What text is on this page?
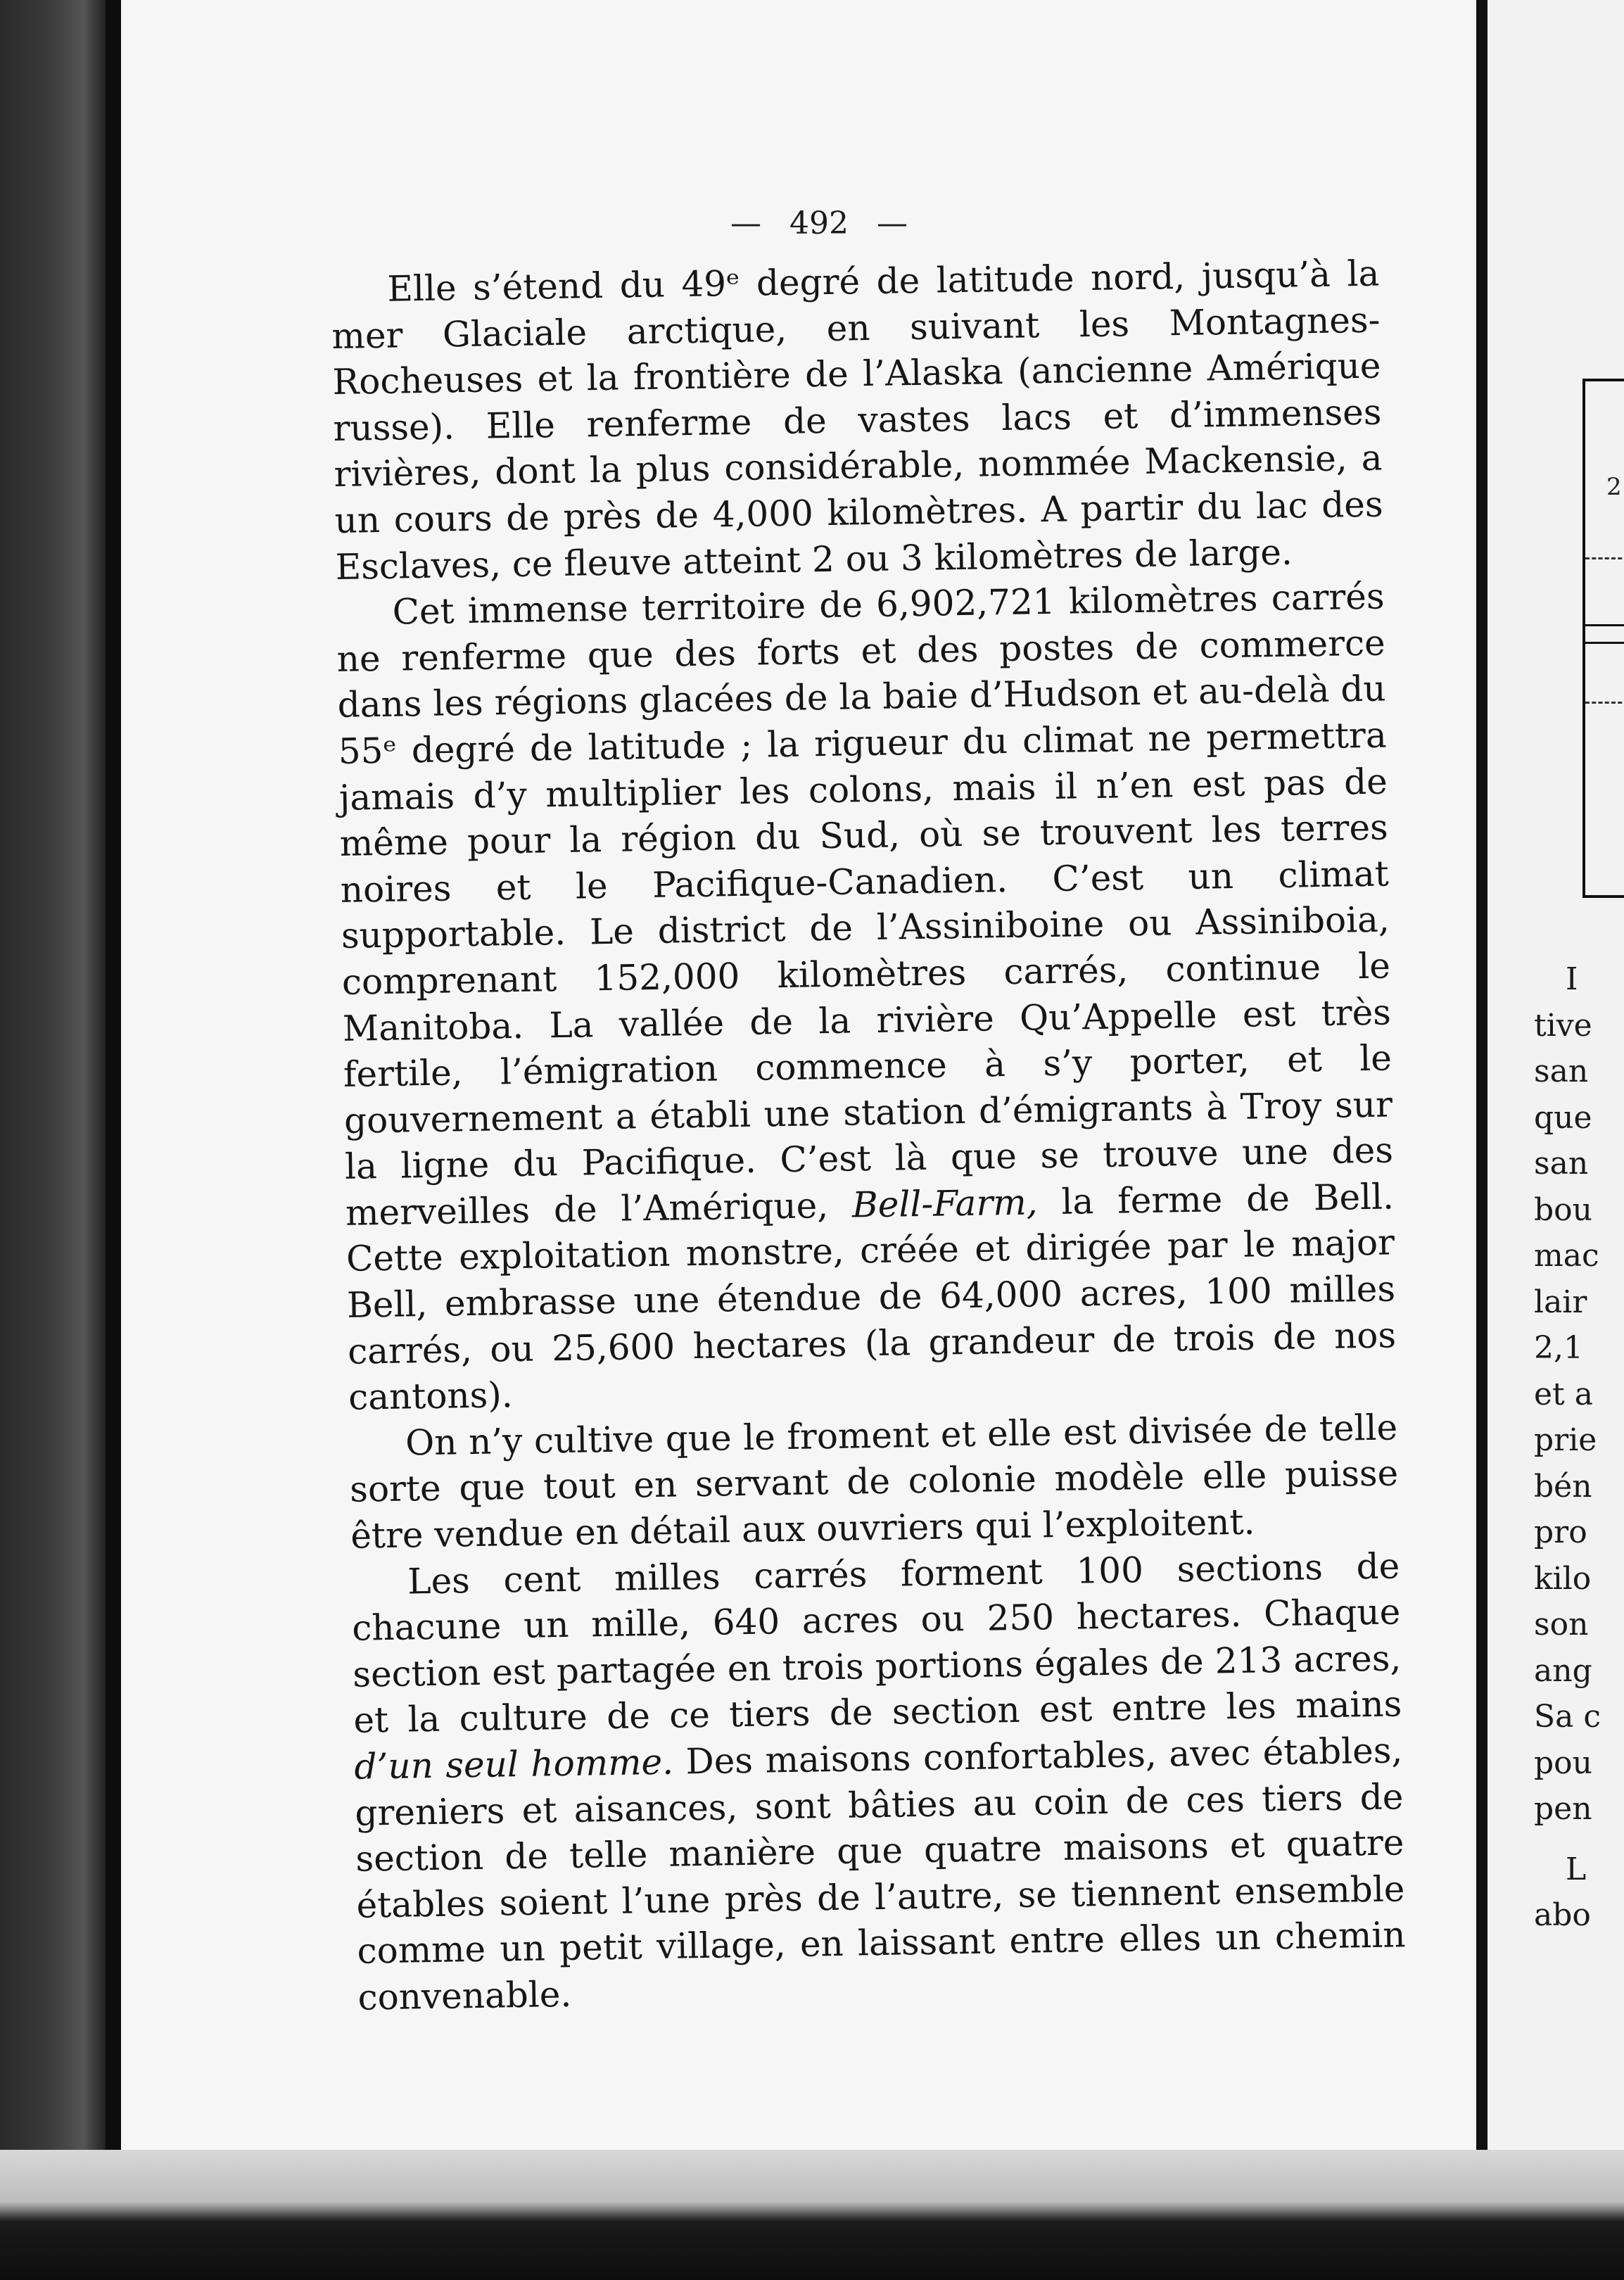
— 492 —

Elle s’étend du 49ᵉ degré de latitude nord, jusqu’à la mer Glaciale arctique, en suivant les Montagnes-Rocheuses et la frontière de l’Alaska (ancienne Amérique russe). Elle renferme de vastes lacs et d’immenses rivières, dont la plus considérable, nommée Mackensie, a un cours de près de 4,000 kilomètres. A partir du lac des Esclaves, ce fleuve atteint 2 ou 3 kilomètres de large.

Cet immense territoire de 6,902,721 kilomètres carrés ne renferme que des forts et des postes de commerce dans les régions glacées de la baie d’Hudson et au-delà du 55ᵉ degré de latitude ; la rigueur du climat ne permettra jamais d’y multiplier les colons, mais il n’en est pas de même pour la région du Sud, où se trouvent les terres noires et le Pacifique-Canadien. C’est un climat supportable. Le district de l’Assiniboine ou Assiniboia, comprenant 152,000 kilomètres carrés, continue le Manitoba. La vallée de la rivière Qu’Appelle est très fertile, l’émigration commence à s’y porter, et le gouvernement a établi une station d’émigrants à Troy sur la ligne du Pacifique. C’est là que se trouve une des merveilles de l’Amérique, Bell-Farm, la ferme de Bell. Cette exploitation monstre, créée et dirigée par le major Bell, embrasse une étendue de 64,000 acres, 100 milles carrés, ou 25,600 hectares (la grandeur de trois de nos cantons).

On n’y cultive que le froment et elle est divisée de telle sorte que tout en servant de colonie modèle elle puisse être vendue en détail aux ouvriers qui l’exploitent.

Les cent milles carrés forment 100 sections de chacune un mille, 640 acres ou 250 hectares. Chaque section est partagée en trois portions égales de 213 acres, et la culture de ce tiers de section est entre les mains d’un seul homme. Des maisons confortables, avec étables, greniers et aisances, sont bâties au coin de ces tiers de section de telle manière que quatre maisons et quatre étables soient l’une près de l’autre, se tiennent ensemble comme un petit village, en laissant entre elles un chemin convenable.

2
I
tive
san
que
san
bou
mac
lair
2,1
et a
prie
bén
pro
kilo
son
ang
Sa c
pou
pen
L
abo
